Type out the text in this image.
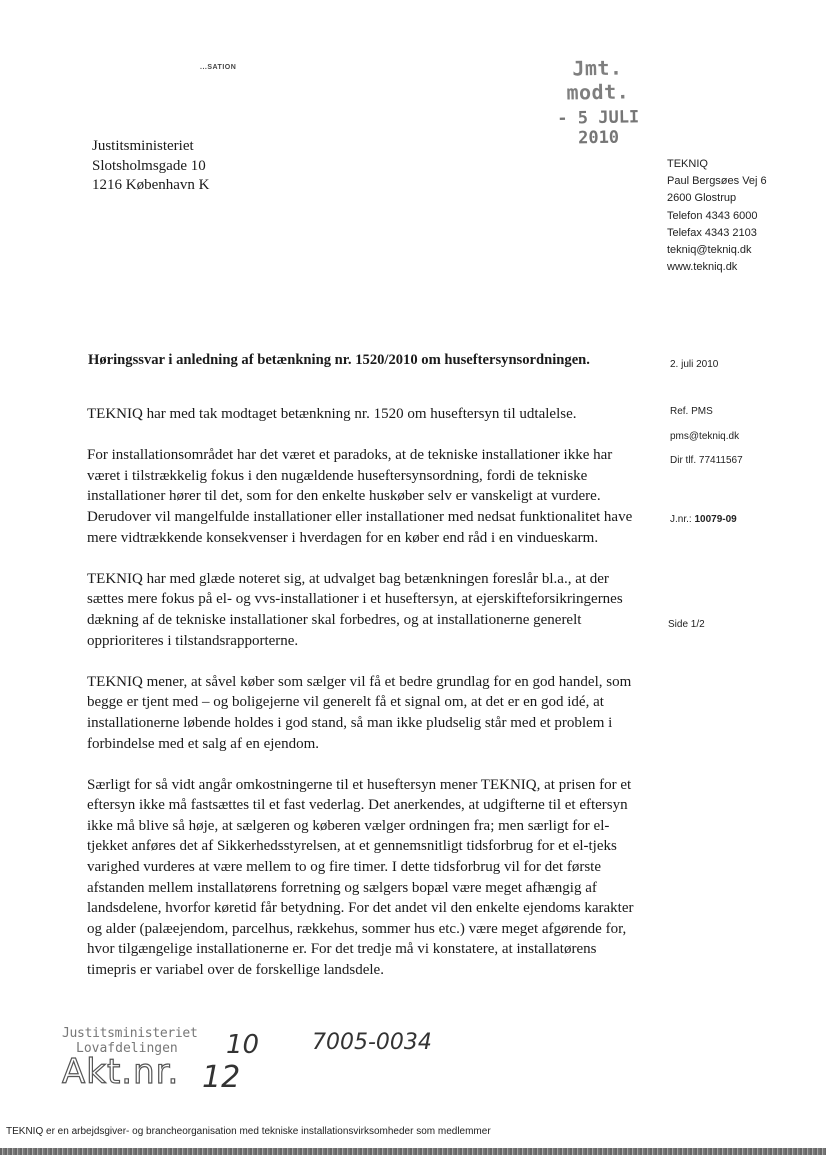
...SATION	Jmt. modt.
- 5 JULI 2010
Justitsministeriet
Slotsholmsgade 10
1216 København K
TEKNIQ
Paul Bergsøes Vej 6
2600 Glostrup
Telefon 4343 6000
Telefax 4343 2103
tekniq@tekniq.dk
www.tekniq.dk
Høringssvar i anledning af betænkning nr. 1520/2010 om huseftersynsordningen.	2. juli 2010
Ref. PMS
pms@tekniq.dk
Dir tlf. 77411567
J.nr.: 10079-09
Side 1/2

TEKNIQ har med tak modtaget betænkning nr. 1520 om huseftersyn til udtalelse.

For installationsområdet har det været et paradoks, at de tekniske installationer ikke har været i tilstrækkelig fokus i den nugældende huseftersynsordning, fordi de tekniske installationer hører til det, som for den enkelte huskøber selv er vanskeligt at vurdere. Derudover vil mangelfulde installationer eller installationer med nedsat funktionalitet have mere vidtrækkende konsekvenser i hverdagen for en køber end råd i en vindueskarm.

TEKNIQ har med glæde noteret sig, at udvalget bag betænkningen foreslår bl.a., at der sættes mere fokus på el- og vvs-installationer i et huseftersyn, at ejerskifteforsikringernes dækning af de tekniske installationer skal forbedres, og at installationerne generelt opprioriteres i tilstandsrapporterne.

TEKNIQ mener, at såvel køber som sælger vil få et bedre grundlag for en god handel, som begge er tjent med – og boligejerne vil generelt få et signal om, at det er en god idé, at installationerne løbende holdes i god stand, så man ikke pludselig står med et problem i forbindelse med et salg af en ejendom.

Særligt for så vidt angår omkostningerne til et huseftersyn mener TEKNIQ, at prisen for et eftersyn ikke må fastsættes til et fast vederlag. Det anerkendes, at udgifterne til et eftersyn ikke må blive så høje, at sælgeren og køberen vælger ordningen fra; men særligt for el-tjekket anføres det af Sikkerhedsstyrelsen, at et gennemsnitligt tidsforbrug for et el-tjeks varighed vurderes at være mellem to og fire timer. I dette tidsforbrug vil for det første afstanden mellem installatørens forretning og sælgers bopæl være meget afhængig af landsdelene, hvorfor køretid får betydning. For det andet vil den enkelte ejendoms karakter og alder (palæejendom, parcelhus, rækkehus, sommer hus etc.) være meget afgørende for, hvor tilgængelige installationerne er. For det tredje må vi konstatere, at installatørens timepris er variabel over de forskellige landsdele.

Justitsministeriet
Lovafdelingen
Akt.nr. 12
10 7005-0034
TEKNIQ er en arbejdsgiver- og brancheorganisation med tekniske installationsvirksomheder som medlemmer
